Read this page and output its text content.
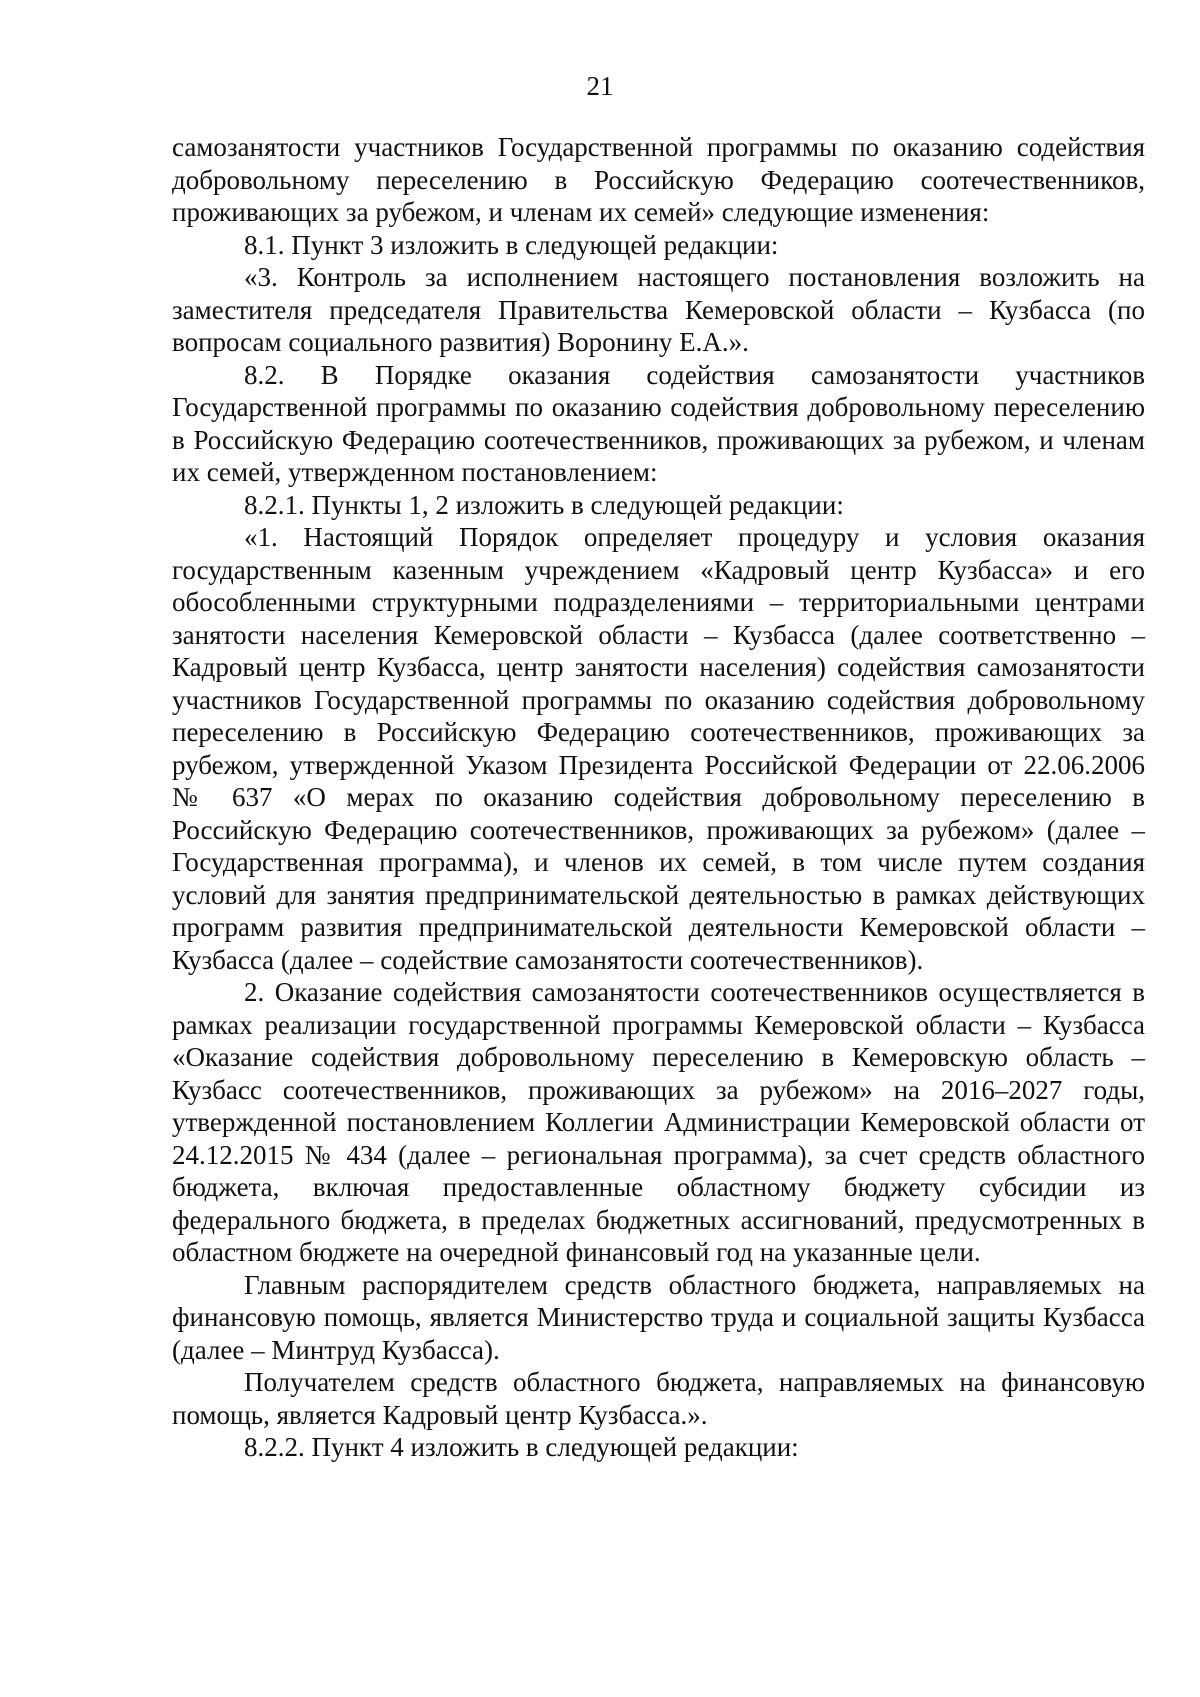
21

самозанятости участников Государственной программы по оказанию содействия добровольному переселению в Российскую Федерацию соотечественников, проживающих за рубежом, и членам их семей» следующие изменения:

8.1. Пункт 3 изложить в следующей редакции:

«3. Контроль за исполнением настоящего постановления возложить на заместителя председателя Правительства Кемеровской области – Кузбасса (по вопросам социального развития) Воронину Е.А.».

8.2. В Порядке оказания содействия самозанятости участников Государственной программы по оказанию содействия добровольному переселению в Российскую Федерацию соотечественников, проживающих за рубежом, и членам их семей, утвержденном постановлением:

8.2.1. Пункты 1, 2 изложить в следующей редакции:

«1. Настоящий Порядок определяет процедуру и условия оказания государственным казенным учреждением «Кадровый центр Кузбасса» и его обособленными структурными подразделениями – территориальными центрами занятости населения Кемеровской области – Кузбасса (далее соответственно – Кадровый центр Кузбасса, центр занятости населения) содействия самозанятости участников Государственной программы по оказанию содействия добровольному переселению в Российскую Федерацию соотечественников, проживающих за рубежом, утвержденной Указом Президента Российской Федерации от 22.06.2006 № 637 «О мерах по оказанию содействия добровольному переселению в Российскую Федерацию соотечественников, проживающих за рубежом» (далее – Государственная программа), и членов их семей, в том числе путем создания условий для занятия предпринимательской деятельностью в рамках действующих программ развития предпринимательской деятельности Кемеровской области – Кузбасса (далее – содействие самозанятости соотечественников).

2. Оказание содействия самозанятости соотечественников осуществляется в рамках реализации государственной программы Кемеровской области – Кузбасса «Оказание содействия добровольному переселению в Кемеровскую область – Кузбасс соотечественников, проживающих за рубежом» на 2016–2027 годы, утвержденной постановлением Коллегии Администрации Кемеровской области от 24.12.2015 № 434 (далее – региональная программа), за счет средств областного бюджета, включая предоставленные областному бюджету субсидии из федерального бюджета, в пределах бюджетных ассигнований, предусмотренных в областном бюджете на очередной финансовый год на указанные цели.

Главным распорядителем средств областного бюджета, направляемых на финансовую помощь, является Министерство труда и социальной защиты Кузбасса (далее – Минтруд Кузбасса).

Получателем средств областного бюджета, направляемых на финансовую помощь, является Кадровый центр Кузбасса.».

8.2.2. Пункт 4 изложить в следующей редакции:
